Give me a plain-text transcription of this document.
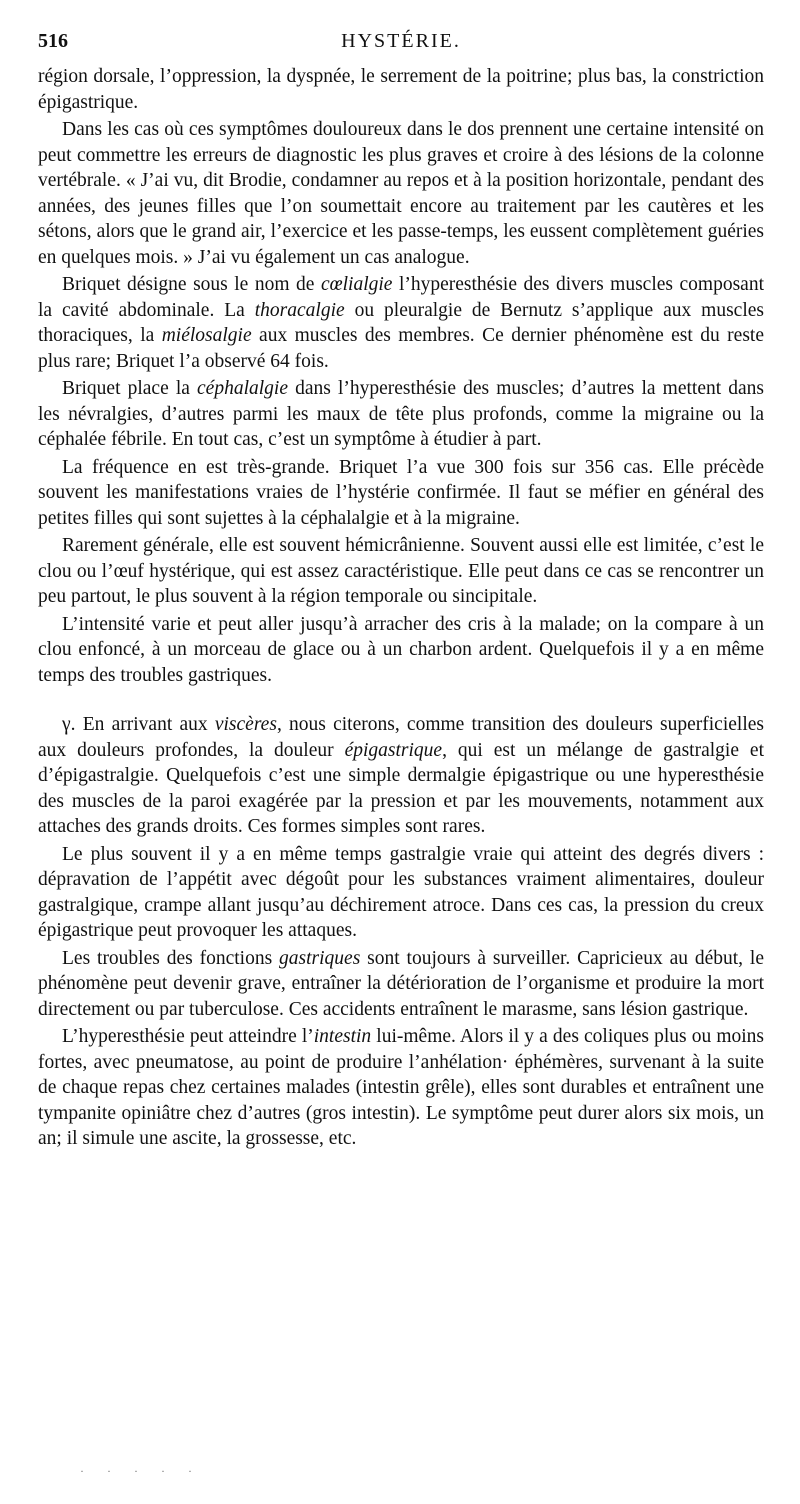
516	HYSTÉRIE.

région dorsale, l’oppression, la dyspnée, le serrement de la poitrine; plus bas, la constriction épigastrique.

Dans les cas où ces symptômes douloureux dans le dos prennent une certaine intensité on peut commettre les erreurs de diagnostic les plus graves et croire à des lésions de la colonne vertébrale. « J’ai vu, dit Brodie, condamner au repos et à la position horizontale, pendant des années, des jeunes filles que l’on soumettait encore au traitement par les cautères et les sétons, alors que le grand air, l’exercice et les passe-temps, les eussent complètement guéries en quelques mois. » J’ai vu également un cas analogue.

Briquet désigne sous le nom de cœlialgie l’hyperesthésie des divers muscles composant la cavité abdominale. La thoracalgie ou pleuralgie de Bernutz s’applique aux muscles thoraciques, la miélosalgie aux muscles des membres. Ce dernier phénomène est du reste plus rare; Briquet l’a observé 64 fois.

Briquet place la céphalalgie dans l’hyperesthésie des muscles; d’autres la mettent dans les névralgies, d’autres parmi les maux de tête plus profonds, comme la migraine ou la céphalée fébrile. En tout cas, c’est un symptôme à étudier à part.

La fréquence en est très-grande. Briquet l’a vue 300 fois sur 356 cas. Elle précède souvent les manifestations vraies de l’hystérie confirmée. Il faut se méfier en général des petites filles qui sont sujettes à la céphalalgie et à la migraine.

Rarement générale, elle est souvent hémicrânienne. Souvent aussi elle est limitée, c’est le clou ou l’œuf hystérique, qui est assez caractéristique. Elle peut dans ce cas se rencontrer un peu partout, le plus souvent à la région temporale ou sincipitale.

L’intensité varie et peut aller jusqu’à arracher des cris à la malade; on la compare à un clou enfoncé, à un morceau de glace ou à un charbon ardent. Quelquefois il y a en même temps des troubles gastriques.

γ. En arrivant aux viscères, nous citerons, comme transition des douleurs superficielles aux douleurs profondes, la douleur épigastrique, qui est un mélange de gastralgie et d’épigastralgie. Quelquefois c’est une simple dermalgie épigastrique ou une hyperesthésie des muscles de la paroi exagérée par la pression et par les mouvements, notamment aux attaches des grands droits. Ces formes simples sont rares.

Le plus souvent il y a en même temps gastralgie vraie qui atteint des degrés divers : dépravation de l’appétit avec dégoût pour les substances vraiment alimentaires, douleur gastralgique, crampe allant jusqu’au déchirement atroce. Dans ces cas, la pression du creux épigastrique peut provoquer les attaques.

Les troubles des fonctions gastriques sont toujours à surveiller. Capricieux au début, le phénomène peut devenir grave, entraîner la détérioration de l’organisme et produire la mort directement ou par tuberculose. Ces accidents entraînent le marasme, sans lésion gastrique.

L’hyperesthésie peut atteindre l’intestin lui-même. Alors il y a des coliques plus ou moins fortes, avec pneumatose, au point de produire l’anhélation· éphémères, survenant à la suite de chaque repas chez certaines malades (intestin grêle), elles sont durables et entraînent une tympanite opiniâtre chez d’autres (gros intestin). Le symptôme peut durer alors six mois, un an; il simule une ascite, la grossesse, etc.

· · · · ·
